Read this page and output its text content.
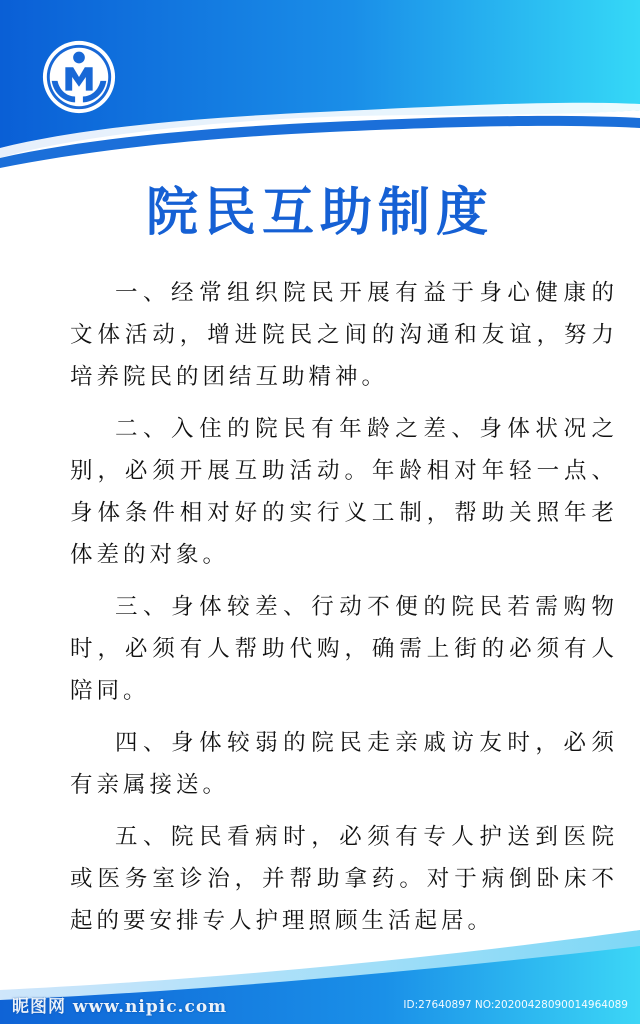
院民互助制度

一、经常组织院民开展有益于身心健康的文体活动，增进院民之间的沟通和友谊，努力培养院民的团结互助精神。

二、入住的院民有年龄之差、身体状况之别，必须开展互助活动。年龄相对年轻一点、身体条件相对好的实行义工制，帮助关照年老体差的对象。

三、身体较差、行动不便的院民若需购物时，必须有人帮助代购，确需上街的必须有人陪同。

四、身体较弱的院民走亲戚访友时，必须有亲属接送。

五、院民看病时，必须有专人护送到医院或医务室诊治，并帮助拿药。对于病倒卧床不起的要安排专人护理照顾生活起居。

昵图网 www.nipic.com	ID:27640897 NO:20200428090014964089
